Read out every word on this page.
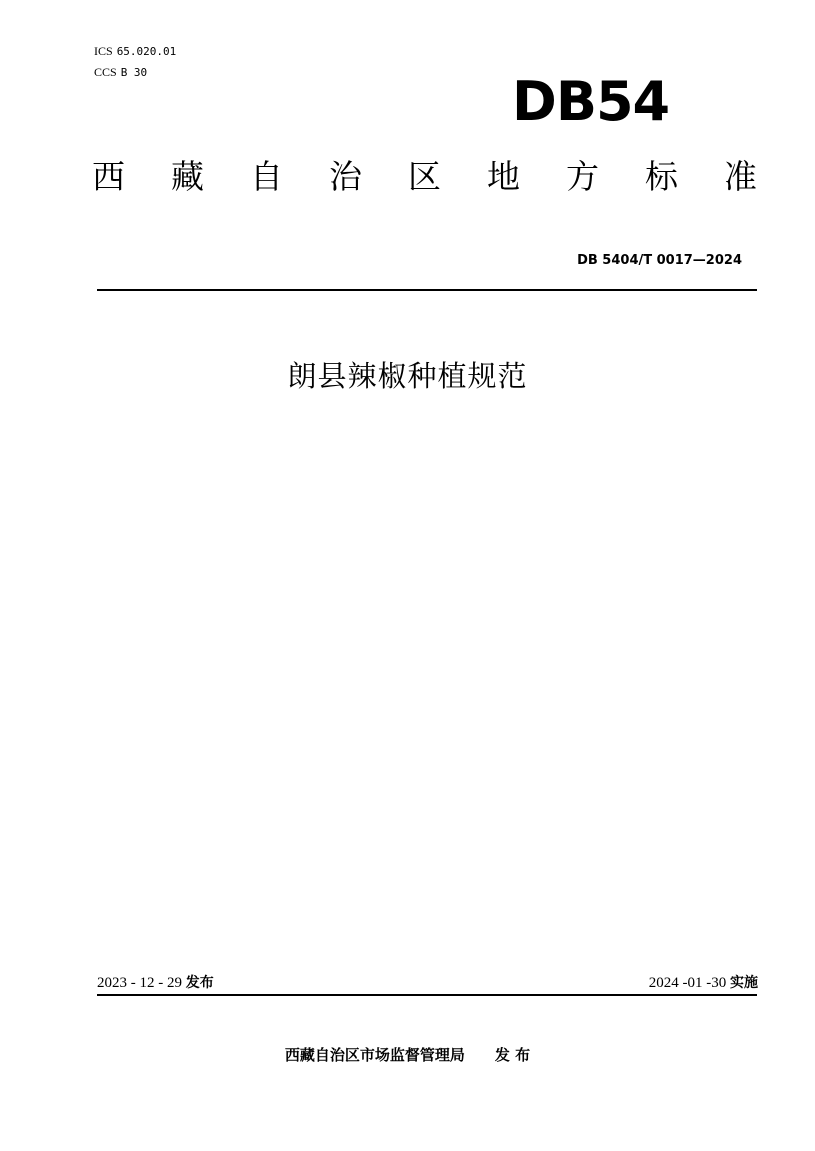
ICS 65.020.01
CCS B 30	DB54
西 藏 自 治 区 地 方 标 准
DB 5404/T 0017—2024
朗县辣椒种植规范
2023 - 12 - 29 发布	2024 -01 -30 实施
西藏自治区市场监督管理局 发 布
